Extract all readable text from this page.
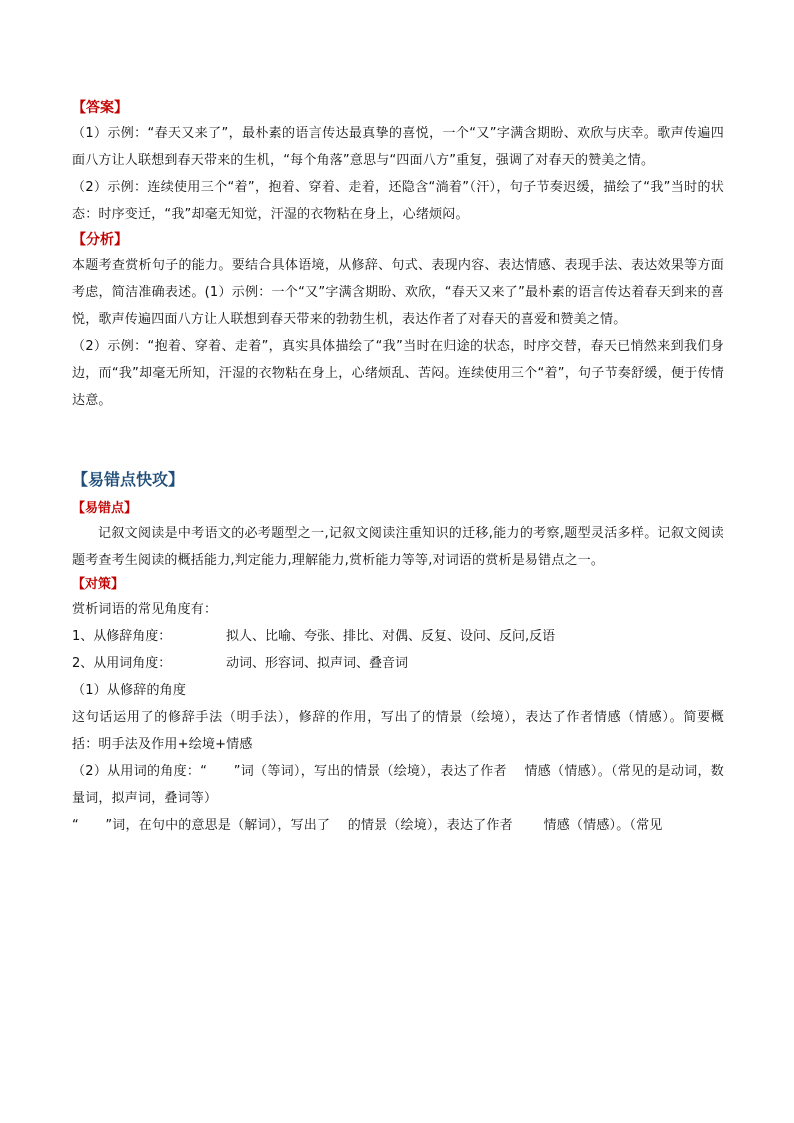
【答案】

（1）示例：“春天又来了”，最朴素的语言传达最真挚的喜悦，一个“又”字满含期盼、欢欣与庆幸。歌声传遍四面八方让人联想到春天带来的生机，“每个角落”意思与“四面八方”重复，强调了对春天的赞美之情。

（2）示例：连续使用三个“着”，抱着、穿着、走着，还隐含“淌着”（汗），句子节奏迟缓，描绘了“我”当时的状态：时序变迁，“我”却毫无知觉，汗湿的衣物粘在身上，心绪烦闷。

【分析】

本题考查赏析句子的能力。要结合具体语境，从修辞、句式、表现内容、表达情感、表现手法、表达效果等方面考虑，简洁准确表述。(1）示例：一个“又”字满含期盼、欢欣，“春天又来了”最朴素的语言传达着春天到来的喜悦，歌声传遍四面八方让人联想到春天带来的勃勃生机，表达作者了对春天的喜爱和赞美之情。

（2）示例：“抱着、穿着、走着”，真实具体描绘了“我”当时在归途的状态，时序交替，春天已悄然来到我们身边，而“我”却毫无所知，汗湿的衣物粘在身上，心绪烦乱、苦闷。连续使用三个“着”，句子节奏舒缓，便于传情达意。

【易错点快攻】
【易错点】

记叙文阅读是中考语文的必考题型之一,记叙文阅读注重知识的迁移,能力的考察,题型灵活多样。记叙文阅读题考查考生阅读的概括能力,判定能力,理解能力,赏析能力等等,对词语的赏析是易错点之一。

【对策】

赏析词语的常见角度有：

1、从修辞角度：	拟人、比喻、夸张、排比、对偶、反复、设问、反问,反语
2、从用词角度：	动词、形容词、拟声词、叠音词

（1）从修辞的角度

这句话运用了的修辞手法（明手法），修辞的作用，写出了的情景（绘境），表达了作者情感（情感）。简要概括：明手法及作用+绘境+情感

（2）从用词的角度：“　　”词（等词），写出的情景（绘境），表达了作者　 情感（情感）。（常见的是动词，数量词，拟声词，叠词等）

“　　”词，在句中的意思是（解词），写出了　 的情景（绘境），表达了作者　　 情感（情感）。（常见
